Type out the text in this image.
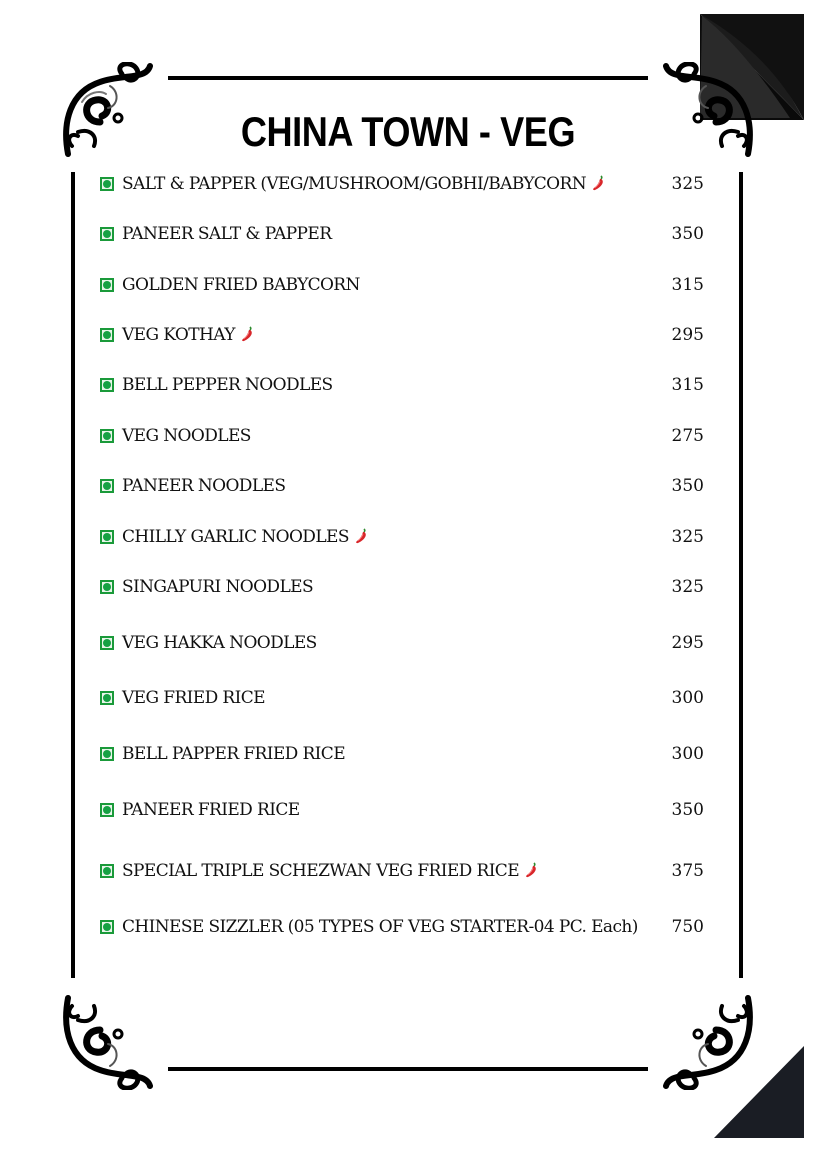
CHINA TOWN - VEG
SALT & PAPPER (VEG/MUSHROOM/GOBHI/BABYCORN	325
PANEER SALT & PAPPER	350
GOLDEN FRIED BABYCORN	315
VEG KOTHAY	295
BELL PEPPER NOODLES	315
VEG NOODLES	275
PANEER NOODLES	350
CHILLY GARLIC NOODLES	325
SINGAPURI NOODLES	325
VEG HAKKA NOODLES	295
VEG FRIED RICE	300
BELL PAPPER FRIED RICE	300
PANEER FRIED RICE	350
SPECIAL TRIPLE SCHEZWAN VEG FRIED RICE	375
CHINESE SIZZLER (05 TYPES OF VEG STARTER-04 PC. Each)	750
